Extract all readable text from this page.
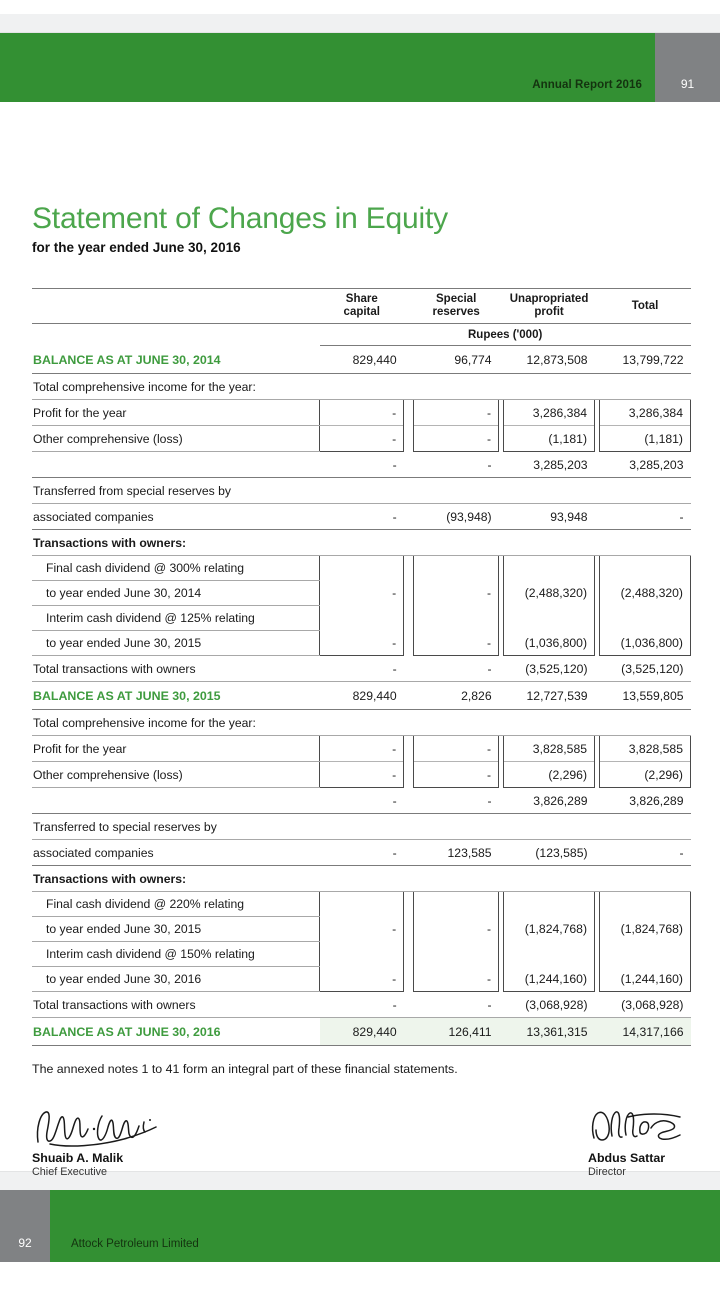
Annual Report 2016	91
Statement of Changes in Equity
for the year ended June 30, 2016
	Share
capital		Special
reserves		Unapropriated
profit		Total
	Rupees ('000)						
BALANCE AS AT JUNE 30, 2014	829,440		96,774		12,873,508		13,799,722
Total comprehensive income for the year:							
Profit for the year	-		-		3,286,384		3,286,384
Other comprehensive (loss)	-		-		(1,181)		(1,181)
	-		-		3,285,203		3,285,203
Transferred from special reserves by							
associated companies	-		(93,948)		93,948		-
Transactions with owners:							
Final cash dividend @ 300% relating							
to year ended June 30, 2014	-		-		(2,488,320)		(2,488,320)
Interim cash dividend @ 125% relating							
to year ended June 30, 2015	-		-		(1,036,800)		(1,036,800)
Total transactions with owners	-		-		(3,525,120)		(3,525,120)
BALANCE AS AT JUNE 30, 2015	829,440		2,826		12,727,539		13,559,805
Total comprehensive income for the year:							
Profit for the year	-		-		3,828,585		3,828,585
Other comprehensive (loss)	-		-		(2,296)		(2,296)
	-		-		3,826,289		3,826,289
Transferred to special reserves by							
associated companies	-		123,585		(123,585)		-
Transactions with owners:							
Final cash dividend @ 220% relating							
to year ended June 30, 2015	-		-		(1,824,768)		(1,824,768)
Interim cash dividend @ 150% relating							
to year ended June 30, 2016	-		-		(1,244,160)		(1,244,160)
Total transactions with owners	-		-		(3,068,928)		(3,068,928)
BALANCE AS AT JUNE 30, 2016	829,440		126,411		13,361,315		14,317,166
The annexed notes 1 to 41 form an integral part of these financial statements.
Shuaib A. Malik
Chief Executive
Abdus Sattar
Director
92	Attock Petroleum Limited
